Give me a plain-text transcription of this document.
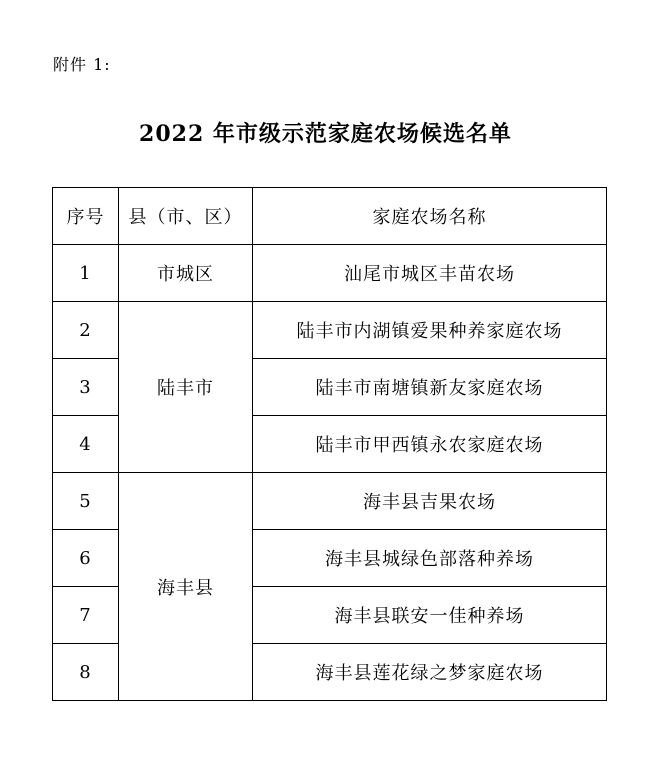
附件 1:
2022 年市级示范家庭农场候选名单
序号	县（市、区）	家庭农场名称
1	市城区	汕尾市城区丰苗农场
2	陆丰市	陆丰市内湖镇爱果种养家庭农场
3		陆丰市南塘镇新友家庭农场
4		陆丰市甲西镇永农家庭农场
5	海丰县	海丰县吉果农场
6		海丰县城绿色部落种养场
7		海丰县联安一佳种养场
8		海丰县莲花绿之梦家庭农场
